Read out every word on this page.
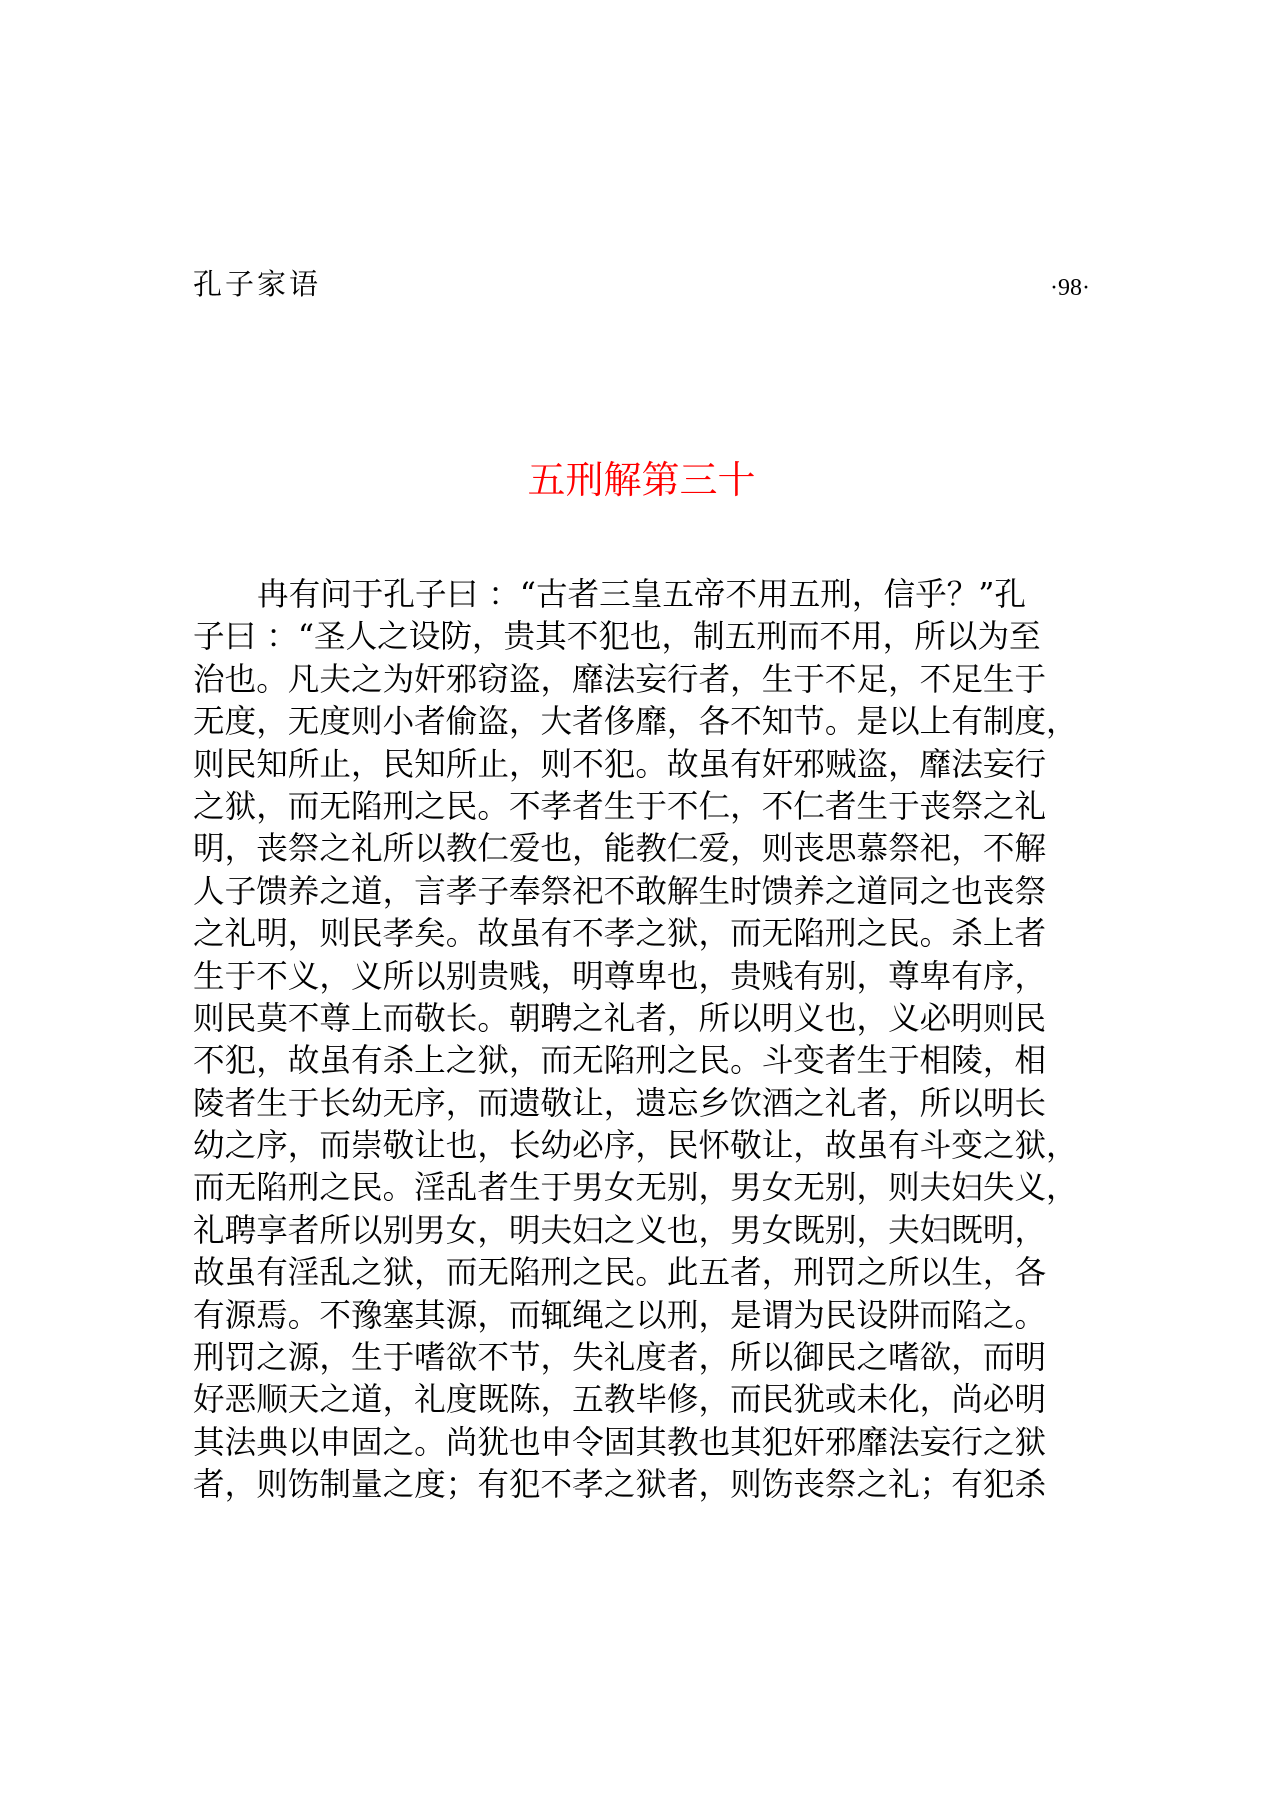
孔子家语	·98·
五刑解第三十
冉有问于孔子曰 ：“古者三皇五帝不用五刑，信乎？”孔
子曰 ：“圣人之设防，贵其不犯也，制五刑而不用，所以为至
治也。凡夫之为奸邪窃盗，靡法妄行者，生于不足，不足生于
无度，无度则小者偷盗，大者侈靡，各不知节。是以上有制度，
则民知所止，民知所止，则不犯。故虽有奸邪贼盗，靡法妄行
之狱，而无陷刑之民。不孝者生于不仁，不仁者生于丧祭之礼
明，丧祭之礼所以教仁爱也，能教仁爱，则丧思慕祭祀，不解
人子馈养之道，言孝子奉祭祀不敢解生时馈养之道同之也丧祭
之礼明，则民孝矣。故虽有不孝之狱，而无陷刑之民。杀上者
生于不义，义所以别贵贱，明尊卑也，贵贱有别，尊卑有序，
则民莫不尊上而敬长。朝聘之礼者，所以明义也，义必明则民
不犯，故虽有杀上之狱，而无陷刑之民。斗变者生于相陵，相
陵者生于长幼无序，而遗敬让，遗忘乡饮酒之礼者，所以明长
幼之序，而崇敬让也，长幼必序，民怀敬让，故虽有斗变之狱，
而无陷刑之民。淫乱者生于男女无别，男女无别，则夫妇失义，
礼聘享者所以别男女，明夫妇之义也，男女既别，夫妇既明，
故虽有淫乱之狱，而无陷刑之民。此五者，刑罚之所以生，各
有源焉。不豫塞其源，而辄绳之以刑，是谓为民设阱而陷之。
刑罚之源，生于嗜欲不节，失礼度者，所以御民之嗜欲，而明
好恶顺天之道，礼度既陈，五教毕修，而民犹或未化，尚必明
其法典以申固之。尚犹也申令固其教也其犯奸邪靡法妄行之狱
者，则饬制量之度；有犯不孝之狱者，则饬丧祭之礼；有犯杀
